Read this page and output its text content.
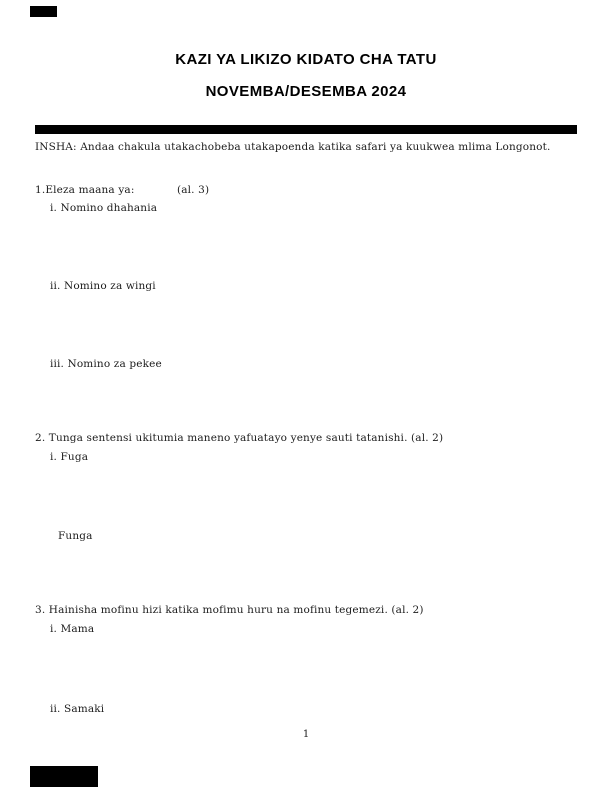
KAZI YA LIKIZO KIDATO CHA TATU
NOVEMBA/DESEMBA 2024
INSHA: Andaa chakula utakachobeba utakapoenda katika safari ya kuukwea mlima Longonot.
1.Eleza maana ya:	(al. 3)
i. Nomino dhahania
ii. Nomino za wingi
iii. Nomino za pekee
2. Tunga sentensi ukitumia maneno yafuatayo yenye sauti tatanishi. (al. 2)
i. Fuga
Funga
3. Hainisha mofinu hizi katika mofimu huru na mofinu tegemezi. (al. 2)
i. Mama
ii. Samaki
1
